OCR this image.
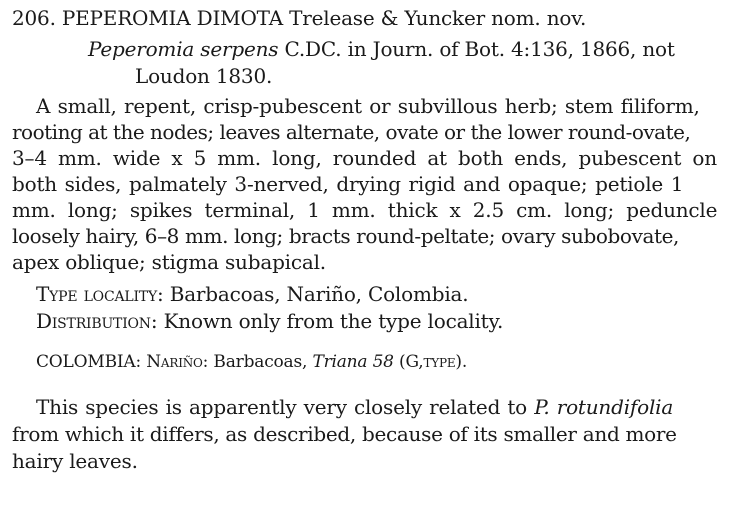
206. PEPEROMIA DIMOTA Trelease & Yuncker nom. nov.
Peperomia serpens C.DC. in Journ. of Bot. 4:136, 1866, not
Loudon 1830.
A small, repent, crisp-pubescent or subvillous herb; stem filiform,
rooting at the nodes; leaves alternate, ovate or the lower round-ovate,
3–4 mm. wide x 5 mm. long, rounded at both ends, pubescent on
both sides, palmately 3-nerved, drying rigid and opaque; petiole 1
mm. long; spikes terminal, 1 mm. thick x 2.5 cm. long; peduncle
loosely hairy, 6–8 mm. long; bracts round-peltate; ovary subobovate,
apex oblique; stigma subapical.
Type locality: Barbacoas, Nariño, Colombia.
Distribution: Known only from the type locality.
COLOMBIA: Nariño: Barbacoas, Triana 58 (G,type).
This species is apparently very closely related to P. rotundifolia
from which it differs, as described, because of its smaller and more
hairy leaves.
